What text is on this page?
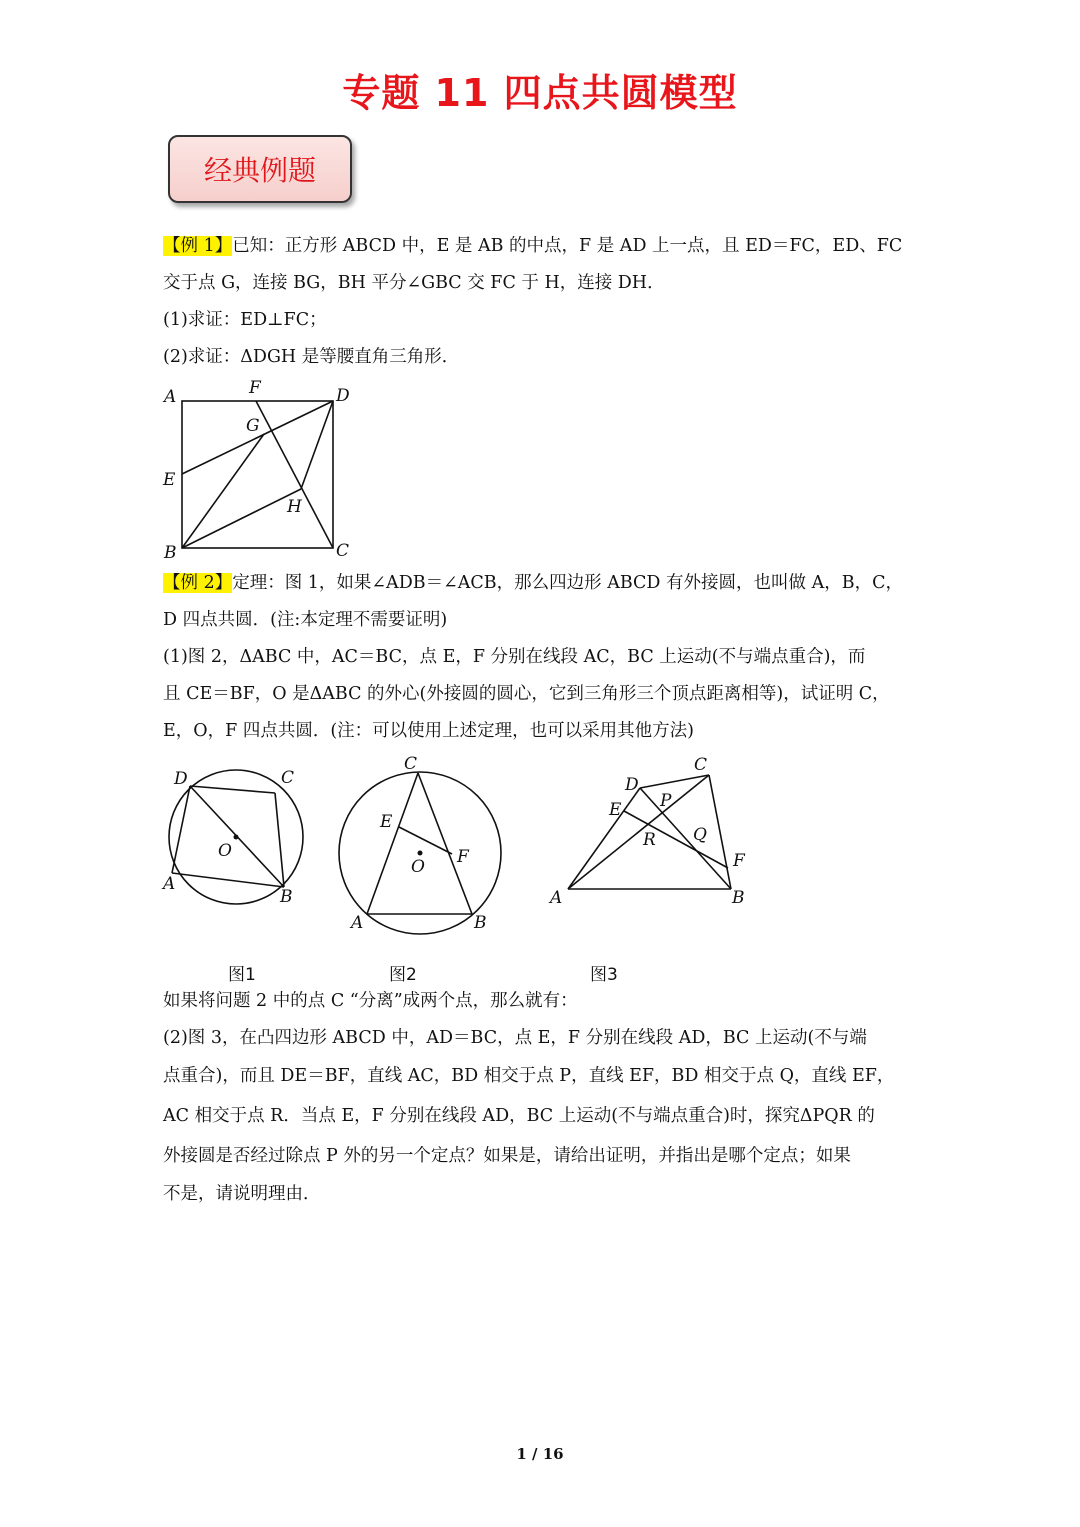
专题 11 四点共圆模型
经典例题
【例 1】已知：正方形 ABCD 中，E 是 AB 的中点，F 是 AD 上一点，且 ED＝FC，ED、FC
交于点 G，连接 BG，BH 平分∠GBC 交 FC 于 H，连接 DH．
(1)求证：ED⊥FC；
(2)求证：ΔDGH 是等腰直角三角形．
A	F	D
G
E
H
B	C
【例 2】定理：图 1，如果∠ADB＝∠ACB，那么四边形 ABCD 有外接圆，也叫做 A，B，C，
D 四点共圆．(注:本定理不需要证明)
(1)图 2，ΔABC 中，AC＝BC，点 E，F 分别在线段 AC，BC 上运动(不与端点重合)，而
且 CE＝BF，O 是ΔABC 的外心(外接圆的圆心，它到三角形三个顶点距离相等)，试证明 C，
E，O，F 四点共圆．(注：可以使用上述定理，也可以采用其他方法)
D	C
O
A
B
C
E
F
O
A	B
C
D
P
E
Q
R
F
A	B
图1	图2	图3
如果将问题 2 中的点 C “分离”成两个点，那么就有：
(2)图 3，在凸四边形 ABCD 中，AD＝BC，点 E，F 分别在线段 AD，BC 上运动(不与端
点重合)，而且 DE＝BF，直线 AC，BD 相交于点 P，直线 EF，BD 相交于点 Q，直线 EF，
AC 相交于点 R．当点 E，F 分别在线段 AD，BC 上运动(不与端点重合)时，探究ΔPQR 的
外接圆是否经过除点 P 外的另一个定点？如果是，请给出证明，并指出是哪个定点；如果
不是，请说明理由．
1 / 16
